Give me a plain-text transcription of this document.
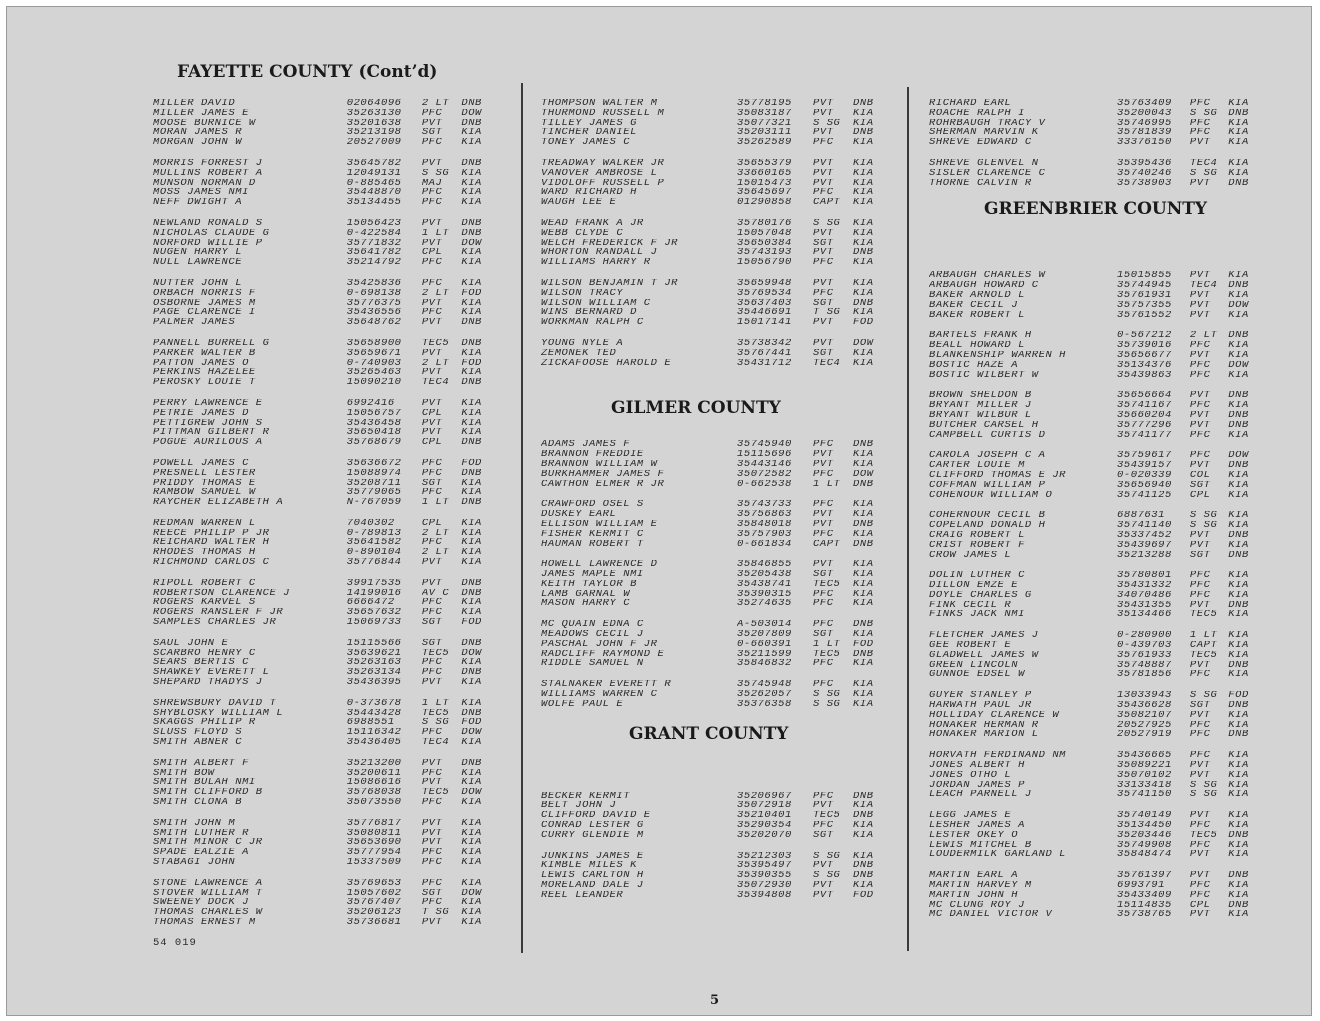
FAYETTE COUNTY (Cont’d)
MILLER DAVID	02064096	2 LT	DNB
MILLER JAMES E	35263130	PFC	DOW
MOOSE BURNICE W	35201638	PVT	DNB
MORAN JAMES R	35213198	SGT	KIA
MORGAN JOHN W	20527009	PFC	KIA
MORRIS FORREST J	35645782	PVT	DNB
MULLINS ROBERT A	12049131	S SG	KIA
MUNSON NORMAN D	0-885465	MAJ	KIA
MOSS JAMES NMI	35448870	PFC	KIA
NEFF DWIGHT A	35134455	PFC	KIA
NEWLAND RONALD S	15056423	PVT	DNB
NICHOLAS CLAUDE G	0-422584	1 LT	DNB
NORFORD WILLIE P	35771832	PVT	DOW
NUGEN HARRY L	35641782	CPL	KIA
NULL LAWRENCE	35214792	PFC	KIA
NUTTER JOHN L	35425836	PFC	KIA
ORBACH NORRIS F	0-698138	2 LT	FOD
OSBORNE JAMES M	35776375	PVT	KIA
PAGE CLARENCE I	35436556	PFC	KIA
PALMER JAMES	35648762	PVT	DNB
PANNELL BURRELL G	35658900	TEC5	DNB
PARKER WALTER B	35659671	PVT	KIA
PATTON JAMES O	0-740903	2 LT	FOD
PERKINS HAZELEE	35265463	PVT	KIA
PEROSKY LOUIE T	15090210	TEC4	DNB
PERRY LAWRENCE E	6992416	PVT	KIA
PETRIE JAMES D	15056757	CPL	KIA
PETTIGREW JOHN S	35436458	PVT	KIA
PITTMAN GILBERT R	35650418	PVT	KIA
POGUE AURILOUS A	35768679	CPL	DNB
POWELL JAMES C	35636672	PFC	FOD
PRESNELL LESTER	15088974	PFC	DNB
PRIDDY THOMAS E	35208711	SGT	KIA
RAMBOW SAMUEL W	35779065	PFC	KIA
RAYCHER ELIZABETH A	N-767059	1 LT	DNB
REDMAN WARREN L	7040302	CPL	KIA
REECE PHILIP P JR	0-789813	2 LT	KIA
REICHARD WALTER H	35641582	PFC	KIA
RHODES THOMAS H	0-890104	2 LT	KIA
RICHMOND CARLOS C	35776844	PVT	KIA
RIPOLL ROBERT C	39917535	PVT	DNB
ROBERTSON CLARENCE J	14199016	AV C	DNB
ROGERS KARVEL S	6666472	PFC	KIA
ROGERS RANSLER F JR	35657632	PFC	KIA
SAMPLES CHARLES JR	15069733	SGT	FOD
SAUL JOHN E	15115566	SGT	DNB
SCARBRO HENRY C	35639621	TEC5	DOW
SEARS BERTIS C	35263163	PFC	KIA
SHAWKEY EVERETT L	35263134	PFC	DNB
SHEPARD THADYS J	35436395	PVT	KIA
SHREWSBURY DAVID T	0-373678	1 LT	KIA
SHYBLOSKY WILLIAM L	35443428	TEC5	DNB
SKAGGS PHILIP R	6988551	S SG	FOD
SLUSS FLOYD S	15116342	PFC	DOW
SMITH ABNER C	35436405	TEC4	KIA
SMITH ALBERT F	35213200	PVT	DNB
SMITH BOW	35200611	PFC	KIA
SMITH BULAH NMI	15086616	PVT	KIA
SMITH CLIFFORD B	35768038	TEC5	DOW
SMITH CLONA B	35073550	PFC	KIA
SMITH JOHN M	35776817	PVT	KIA
SMITH LUTHER R	35080811	PVT	KIA
SMITH MINOR C JR	35653690	PVT	KIA
SPADE EALZIE A	35777954	PFC	KIA
STABAGI JOHN	15337509	PFC	KIA
STONE LAWRENCE A	35769653	PFC	KIA
STOVER WILLIAM T	15057602	SGT	DOW
SWEENEY DOCK J	35767407	PFC	KIA
THOMAS CHARLES W	35206123	T SG	KIA
THOMAS ERNEST M	35736681	PVT	KIA
THOMPSON WALTER M	35778195	PVT	DNB
THURMOND RUSSELL M	35083187	PVT	KIA
TILLEY JAMES G	35077321	S SG	KIA
TINCHER DANIEL	35203111	PVT	DNB
TONEY JAMES C	35262589	PFC	KIA
TREADWAY WALKER JR	35655379	PVT	KIA
VANOVER AMBROSE L	33660165	PVT	KIA
VIDOLOFF RUSSELL P	15015473	PVT	KIA
WARD RICHARD H	35645697	PFC	KIA
WAUGH LEE E	01290858	CAPT	KIA
WEAD FRANK A JR	35780176	S SG	KIA
WEBB CLYDE C	15057048	PVT	KIA
WELCH FREDERICK F JR	35650384	SGT	KIA
WHORTON RANDALL J	35743193	PVT	DNB
WILLIAMS HARRY R	15056790	PFC	KIA
WILSON BENJAMIN T JR	35659948	PVT	KIA
WILSON TRACY	35769534	PFC	KIA
WILSON WILLIAM C	35637403	SGT	DNB
WINS BERNARD D	35446691	T SG	KIA
WORKMAN RALPH C	15017141	PVT	FOD
YOUNG NYLE A	35738342	PVT	DOW
ZEMONEK TED	35767441	SGT	KIA
ZICKAFOOSE HAROLD E	35431712	TEC4	KIA
GILMER COUNTY
ADAMS JAMES F	35745940	PFC	DNB
BRANNON FREDDIE	15115696	PVT	KIA
BRANNON WILLIAM W	35443146	PVT	KIA
BURKHAMMER JAMES F	35072582	PFC	DOW
CAWTHON ELMER R JR	0-662538	1 LT	DNB
CRAWFORD OSEL S	35743733	PFC	KIA
DUSKEY EARL	35756863	PVT	KIA
ELLISON WILLIAM E	35848018	PVT	DNB
FISHER KERMIT C	35757903	PFC	KIA
HAUMAN ROBERT T	0-661834	CAPT	DNB
HOWELL LAWRENCE D	35846855	PVT	KIA
JAMES MAPLE NMI	35205438	SGT	KIA
KEITH TAYLOR B	35438741	TEC5	KIA
LAMB GARNAL W	35390315	PFC	KIA
MASON HARRY C	35274635	PFC	KIA
MC QUAIN EDNA C	A-503014	PFC	DNB
MEADOWS CECIL J	35207809	SGT	KIA
PASCHAL JOHN F JR	0-660391	1 LT	FOD
RADCLIFF RAYMOND E	35211599	TEC5	DNB
RIDDLE SAMUEL N	35846832	PFC	KIA
STALNAKER EVERETT R	35745948	PFC	KIA
WILLIAMS WARREN C	35262057	S SG	KIA
WOLFE PAUL E	35376358	S SG	KIA
GRANT COUNTY
BECKER KERMIT	35206967	PFC	DNB
BELT JOHN J	35072918	PVT	KIA
CLIFFORD DAVID E	35210401	TEC5	DNB
CONRAD LESTER G	35290354	PFC	KIA
CURRY GLENDIE M	35202070	SGT	KIA
JUNKINS JAMES E	35212303	S SG	KIA
KIMBLE MILES K	35395497	PVT	DNB
LEWIS CARLTON H	35390355	S SG	DNB
MORELAND DALE J	35072930	PVT	KIA
REEL LEANDER	35394808	PVT	FOD
RICHARD EARL	35763409	PFC	KIA
ROACHE RALPH I	35200043	S SG	DNB
ROHRBAUGH TRACY V	35746995	PFC	KIA
SHERMAN MARVIN K	35781839	PFC	KIA
SHREVE EDWARD C	33376150	PVT	KIA
SHREVE GLENVEL N	35395436	TEC4	KIA
SISLER CLARENCE C	35740246	S SG	KIA
THORNE CALVIN R	35738903	PVT	DNB
GREENBRIER COUNTY
ARBAUGH CHARLES W	15015855	PVT	KIA
ARBAUGH HOWARD C	35744945	TEC4	DNB
BAKER ARNOLD L	35761931	PVT	KIA
BAKER CECIL J	35757355	PVT	DOW
BAKER ROBERT L	35761552	PVT	KIA
BARTELS FRANK H	0-567212	2 LT	DNB
BEALL HOWARD L	35739016	PFC	KIA
BLANKENSHIP WARREN H	35656677	PVT	KIA
BOSTIC HAZE A	35134376	PFC	DOW
BOSTIC WILBERT W	35439863	PFC	KIA
BROWN SHELDON B	35656664	PVT	DNB
BRYANT MILLER J	35741167	PFC	KIA
BRYANT WILBUR L	35660204	PVT	DNB
BUTCHER CARSEL H	35777296	PVT	DNB
CAMPBELL CURTIS D	35741177	PFC	KIA
CAROLA JOSEPH C A	35759617	PFC	DOW
CARTER LOUIE M	35439157	PVT	DNB
CLIFFORD THOMAS E JR	0-020339	COL	KIA
COFFMAN WILLIAM P	35656940	SGT	KIA
COHENOUR WILLIAM O	35741125	CPL	KIA
COHERNOUR CECIL B	6887631	S SG	KIA
COPELAND DONALD H	35741140	S SG	KIA
CRAIG ROBERT L	35337452	PVT	DNB
CRIST ROBERT F	35439697	PVT	KIA
CROW JAMES L	35213288	SGT	DNB
DOLIN LUTHER C	35780801	PFC	KIA
DILLON EMZE E	35431332	PFC	KIA
DOYLE CHARLES G	34070486	PFC	KIA
FINK CECIL R	35431355	PVT	DNB
FINKS JACK NMI	35134466	TEC5	KIA
FLETCHER JAMES J	0-280900	1 LT	KIA
GEE ROBERT E	0-439703	CAPT	KIA
GLADWELL JAMES W	35761933	TEC5	KIA
GREEN LINCOLN	35748887	PVT	DNB
GUNNOE EDSEL W	35781856	PFC	KIA
GUYER STANLEY P	13033943	S SG	FOD
HARWATH PAUL JR	35436628	SGT	DNB
HOLLIDAY CLARENCE W	35082107	PVT	KIA
HONAKER HERMAN R	20527925	PFC	KIA
HONAKER MARION L	20527919	PFC	DNB
HORVATH FERDINAND NM	35436665	PFC	KIA
JONES ALBERT H	35089221	PVT	KIA
JONES OTHO L	35070102	PVT	KIA
JORDAN JAMES P	33133418	S SG	KIA
LEACH PARNELL J	35741150	S SG	KIA
LEGG JAMES E	35740149	PVT	KIA
LESHER JAMES A	35134450	PFC	KIA
LESTER OKEY O	35203446	TEC5	DNB
LEWIS MITCHEL B	35749908	PFC	KIA
LOUDERMILK GARLAND L	35848474	PVT	KIA
MARTIN EARL A	35761397	PVT	DNB
MARTIN HARVEY M	6993791	PFC	KIA
MARTIN JOHN H	35433409	PFC	KIA
MC CLUNG ROY J	15114835	CPL	DNB
MC DANIEL VICTOR V	35738765	PVT	KIA
54 019
5
